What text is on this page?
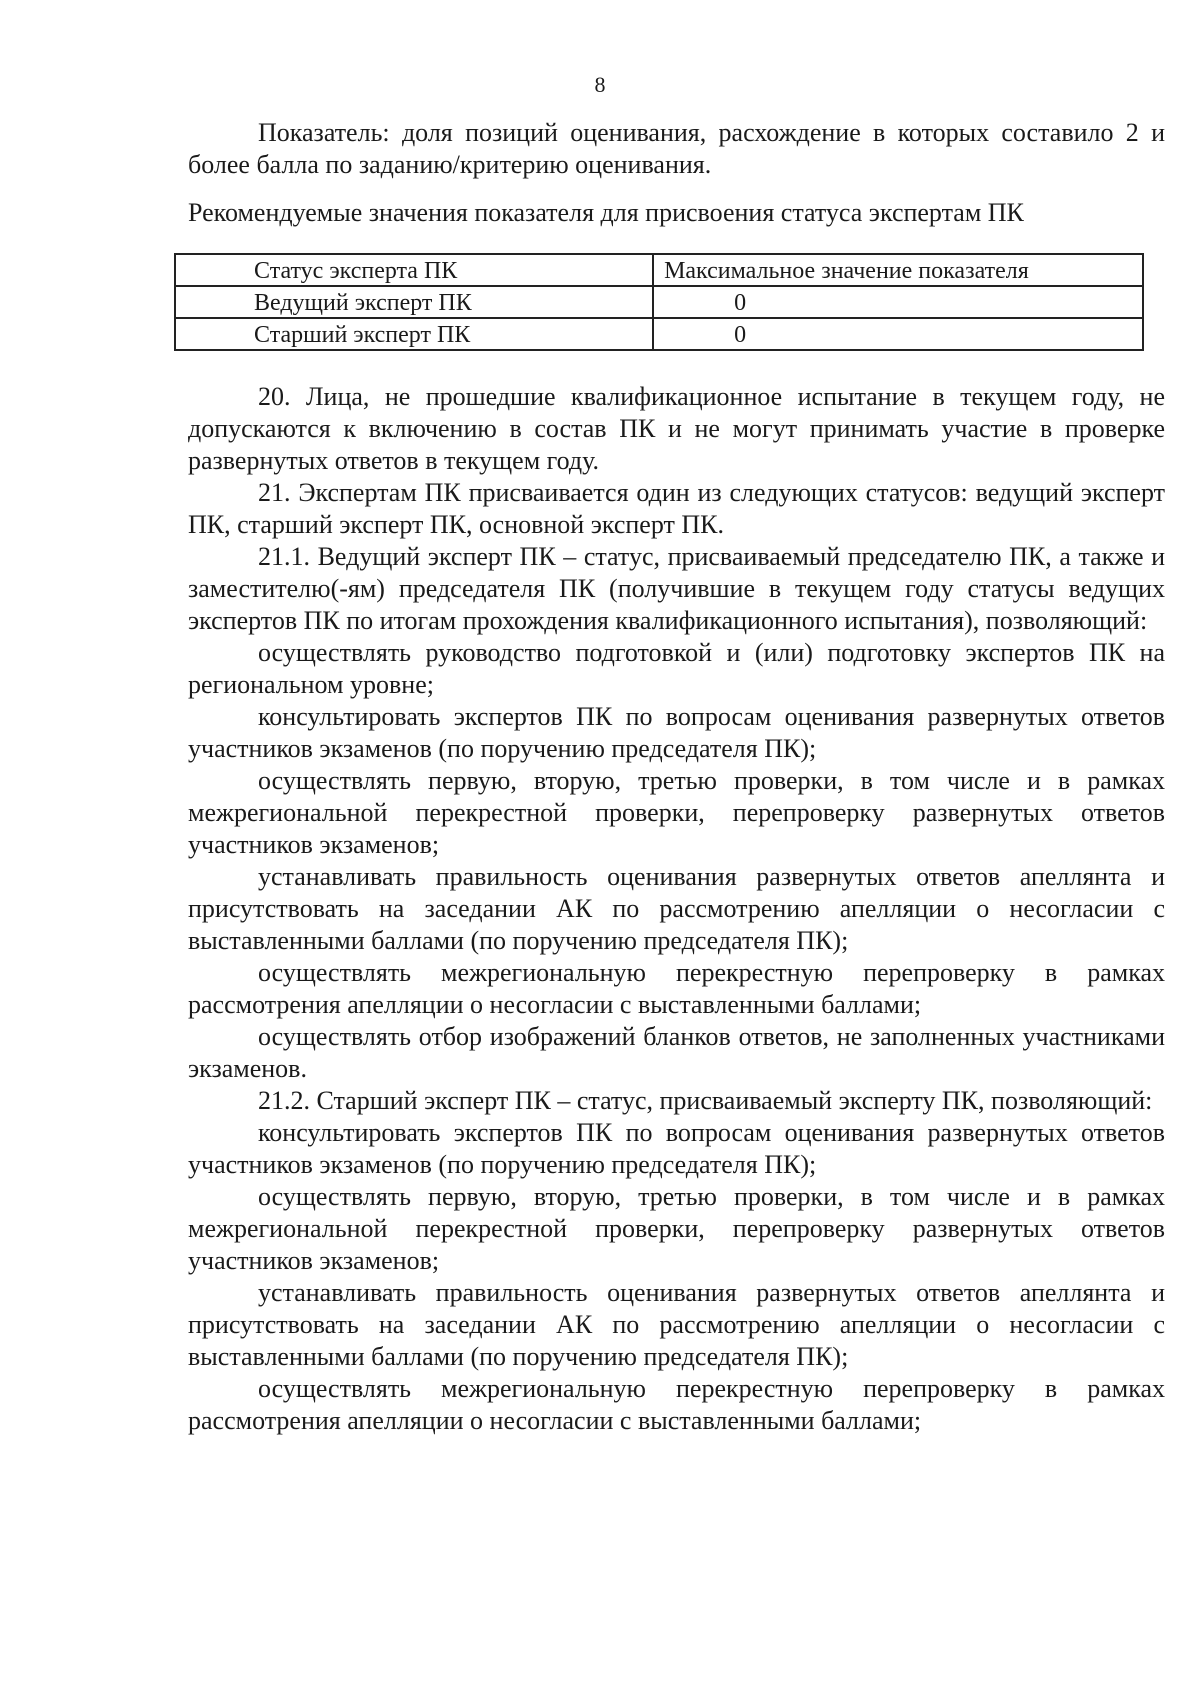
8

Показатель: доля позиций оценивания, расхождение в которых составило 2 и более балла по заданию/критерию оценивания.

Рекомендуемые значения показателя для присвоения статуса экспертам ПК

Статус эксперта ПК	Максимальное значение показателя
Ведущий эксперт ПК	0
Старший эксперт ПК	0

20. Лица, не прошедшие квалификационное испытание в текущем году, не допускаются к включению в состав ПК и не могут принимать участие в проверке развернутых ответов в текущем году.

21. Экспертам ПК присваивается один из следующих статусов: ведущий эксперт ПК, старший эксперт ПК, основной эксперт ПК.

21.1. Ведущий эксперт ПК – статус, присваиваемый председателю ПК, а также и заместителю(-ям) председателя ПК (получившие в текущем году статусы ведущих экспертов ПК по итогам прохождения квалификационного испытания), позволяющий:

осуществлять руководство подготовкой и (или) подготовку экспертов ПК на региональном уровне;

консультировать экспертов ПК по вопросам оценивания развернутых ответов участников экзаменов (по поручению председателя ПК);

осуществлять первую, вторую, третью проверки, в том числе и в рамках межрегиональной перекрестной проверки, перепроверку развернутых ответов участников экзаменов;

устанавливать правильность оценивания развернутых ответов апеллянта и присутствовать на заседании АК по рассмотрению апелляции о несогласии с выставленными баллами (по поручению председателя ПК);

осуществлять межрегиональную перекрестную перепроверку в рамках рассмотрения апелляции о несогласии с выставленными баллами;

осуществлять отбор изображений бланков ответов, не заполненных участниками экзаменов.

21.2. Старший эксперт ПК – статус, присваиваемый эксперту ПК, позволяющий:

консультировать экспертов ПК по вопросам оценивания развернутых ответов участников экзаменов (по поручению председателя ПК);

осуществлять первую, вторую, третью проверки, в том числе и в рамках межрегиональной перекрестной проверки, перепроверку развернутых ответов участников экзаменов;

устанавливать правильность оценивания развернутых ответов апеллянта и присутствовать на заседании АК по рассмотрению апелляции о несогласии с выставленными баллами (по поручению председателя ПК);

осуществлять межрегиональную перекрестную перепроверку в рамках рассмотрения апелляции о несогласии с выставленными баллами;
